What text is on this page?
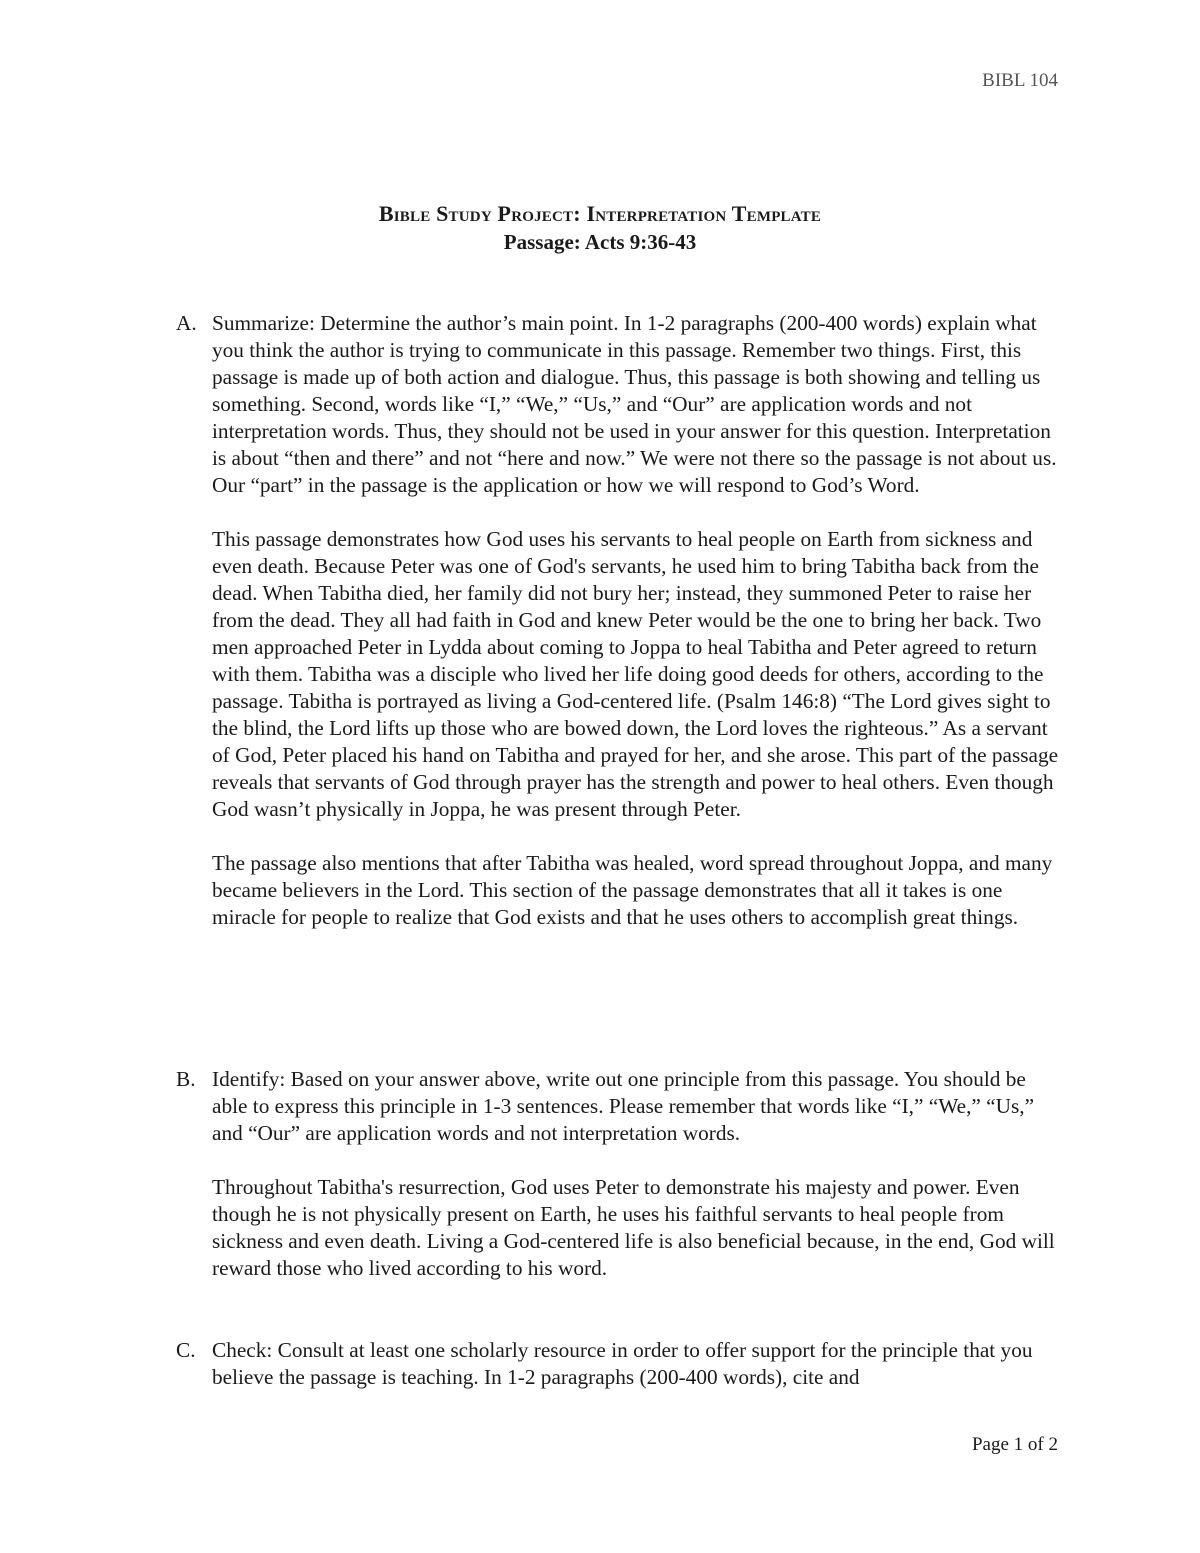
BIBL 104
Bible Study Project: Interpretation Template
Passage: Acts 9:36-43
A. Summarize: Determine the author’s main point. In 1-2 paragraphs (200-400 words) explain what you think the author is trying to communicate in this passage. Remember two things. First, this passage is made up of both action and dialogue. Thus, this passage is both showing and telling us something. Second, words like “I,” “We,” “Us,” and “Our” are application words and not interpretation words. Thus, they should not be used in your answer for this question. Interpretation is about “then and there” and not “here and now.” We were not there so the passage is not about us. Our “part” in the passage is the application or how we will respond to God’s Word.

This passage demonstrates how God uses his servants to heal people on Earth from sickness and even death. Because Peter was one of God's servants, he used him to bring Tabitha back from the dead. When Tabitha died, her family did not bury her; instead, they summoned Peter to raise her from the dead. They all had faith in God and knew Peter would be the one to bring her back. Two men approached Peter in Lydda about coming to Joppa to heal Tabitha and Peter agreed to return with them. Tabitha was a disciple who lived her life doing good deeds for others, according to the passage. Tabitha is portrayed as living a God-centered life. (Psalm 146:8) “The Lord gives sight to the blind, the Lord lifts up those who are bowed down, the Lord loves the righteous.” As a servant of God, Peter placed his hand on Tabitha and prayed for her, and she arose. This part of the passage reveals that servants of God through prayer has the strength and power to heal others. Even though God wasn’t physically in Joppa, he was present through Peter.

The passage also mentions that after Tabitha was healed, word spread throughout Joppa, and many became believers in the Lord. This section of the passage demonstrates that all it takes is one miracle for people to realize that God exists and that he uses others to accomplish great things.

B. Identify: Based on your answer above, write out one principle from this passage. You should be able to express this principle in 1-3 sentences. Please remember that words like “I,” “We,” “Us,” and “Our” are application words and not interpretation words.

Throughout Tabitha's resurrection, God uses Peter to demonstrate his majesty and power. Even though he is not physically present on Earth, he uses his faithful servants to heal people from sickness and even death. Living a God-centered life is also beneficial because, in the end, God will reward those who lived according to his word.

C. Check: Consult at least one scholarly resource in order to offer support for the principle that you believe the passage is teaching. In 1-2 paragraphs (200-400 words), cite and

Page 1 of 2
